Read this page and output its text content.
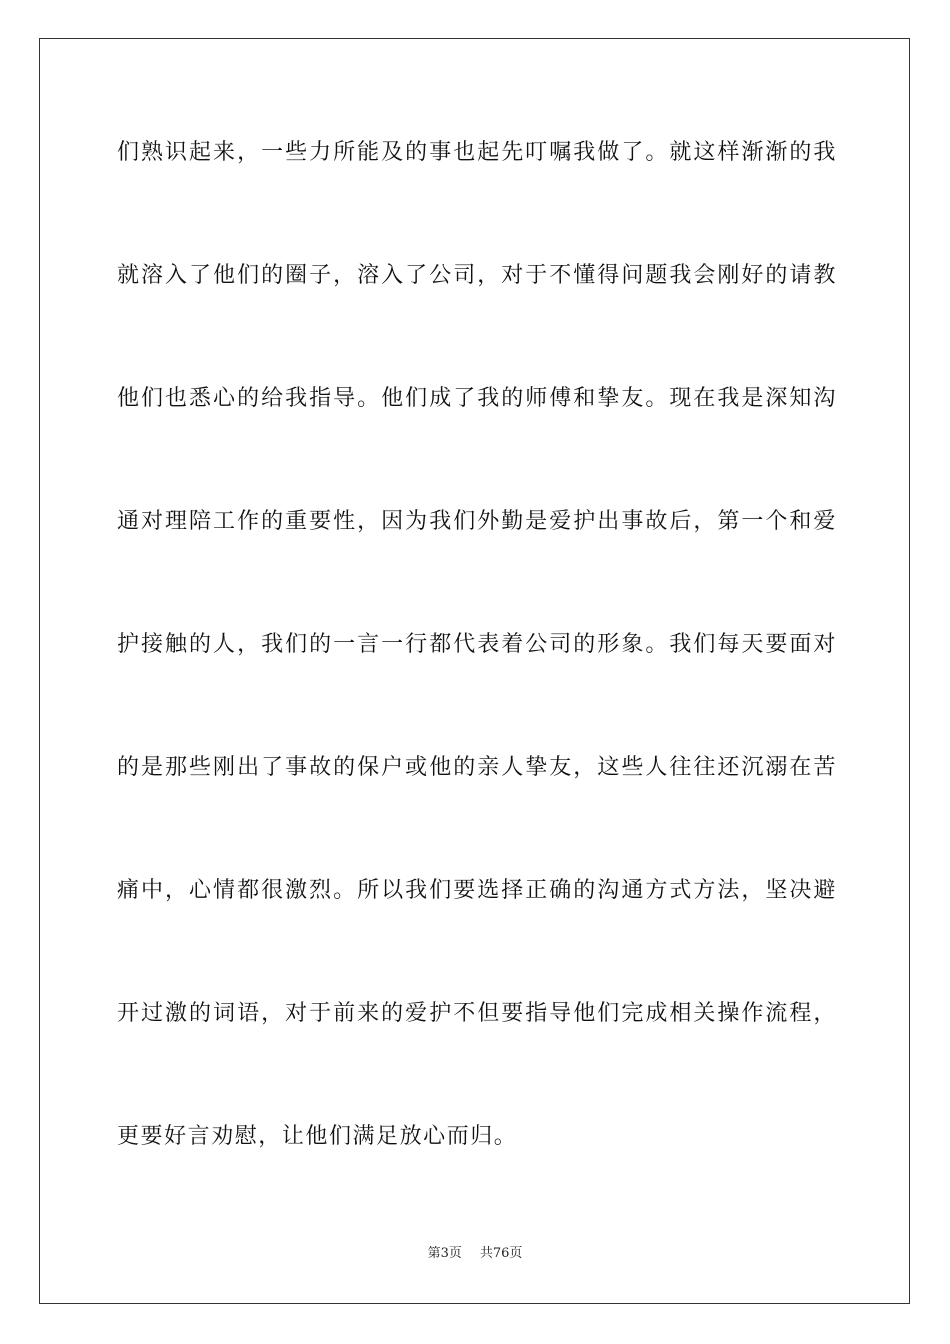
们熟识起来，一些力所能及的事也起先叮嘱我做了。就这样渐渐的我
就溶入了他们的圈子，溶入了公司，对于不懂得问题我会刚好的请教
他们也悉心的给我指导。他们成了我的师傅和挚友。现在我是深知沟
通对理陪工作的重要性，因为我们外勤是爱护出事故后，第一个和爱
护接触的人，我们的一言一行都代表着公司的形象。我们每天要面对
的是那些刚出了事故的保户或他的亲人挚友，这些人往往还沉溺在苦
痛中，心情都很激烈。所以我们要选择正确的沟通方式方法，坚决避
开过激的词语，对于前来的爱护不但要指导他们完成相关操作流程，
更要好言劝慰，让他们满足放心而归。
第3页 共76页
